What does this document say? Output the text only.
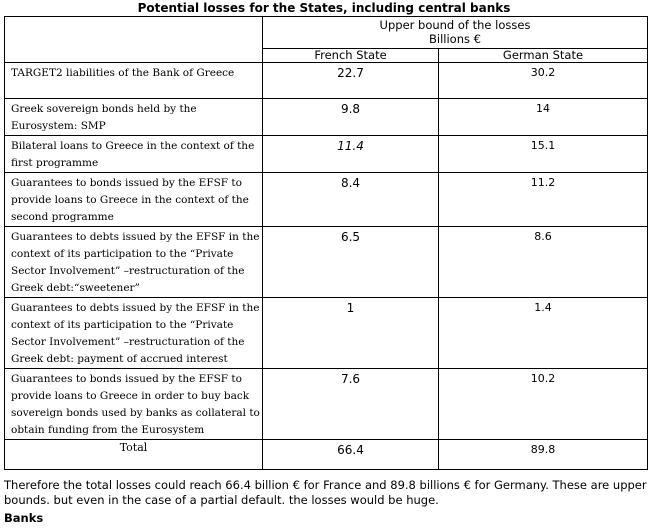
Potential losses for the States, including central banks

	Upper bound of the losses
Billions €	

	French State	German State
TARGET2 liabilities of the Bank of Greece	22.7	30.2
Greek sovereign bonds held by the Eurosystem: SMP	9.8	14
Bilateral loans to Greece in the context of the first programme	11.4	15.1
Guarantees to bonds issued by the EFSF to provide loans to Greece in the context of the second programme	8.4	11.2
Guarantees to debts issued by the EFSF in the context of its participation to the “Private Sector Involvement” –restructuration of the Greek debt:“sweetener”	6.5	8.6
Guarantees to debts issued by the EFSF in the context of its participation to the “Private Sector Involvement” –restructuration of the Greek debt: payment of accrued interest	1	1.4
Guarantees to bonds issued by the EFSF to provide loans to Greece in order to buy back sovereign bonds used by banks as collateral to obtain funding from the Eurosystem	7.6	10.2
Total	66.4	89.8
Therefore the total losses could reach 66.4 billion € for France and 89.8 billions € for Germany. These are upper bounds. but even in the case of a partial default. the losses would be huge.
Banks
